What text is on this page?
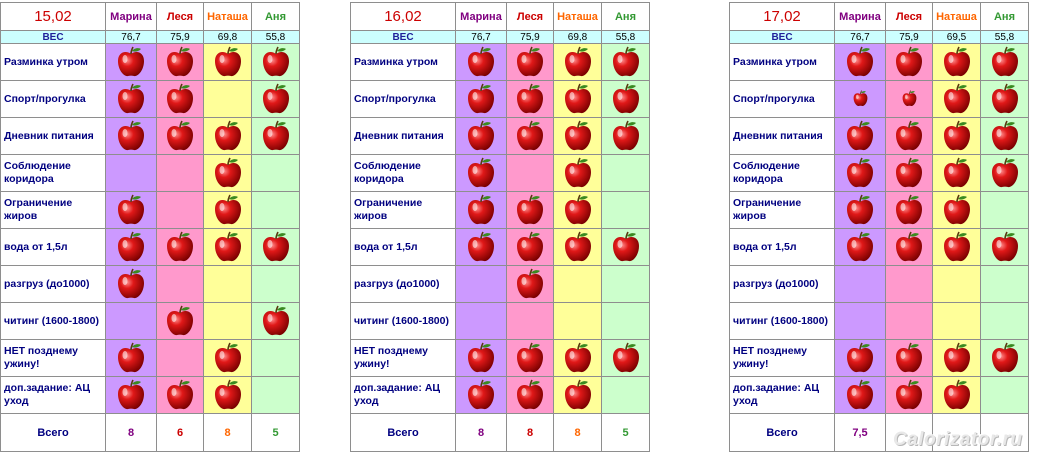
15,02	Марина	Леся	Наташа	Аня
ВЕС	76,7	75,9	69,8	55,8
Разминка утром				
Спорт/прогулка				
Дневник питания				
Соблюдение коридора				
Ограничение жиров				
вода от 1,5л				
разгруз (до1000)				
читинг (1600-1800)				
НЕТ позднему ужину!				
доп.задание: АЦ уход				
Всего	8	6	8	5
16,02	Марина	Леся	Наташа	Аня
ВЕС	76,7	75,9	69,8	55,8
Разминка утром				
Спорт/прогулка				
Дневник питания				
Соблюдение коридора				
Ограничение жиров				
вода от 1,5л				
разгруз (до1000)				
читинг (1600-1800)				
НЕТ позднему ужину!				
доп.задание: АЦ уход				
Всего	8	8	8	5
17,02	Марина	Леся	Наташа	Аня
ВЕС	76,7	75,9	69,5	55,8
Разминка утром				
Спорт/прогулка				
Дневник питания				
Соблюдение коридора				
Ограничение жиров				
вода от 1,5л				
разгруз (до1000)				
читинг (1600-1800)				
НЕТ позднему ужину!				
доп.задание: АЦ уход				
Всего	7,5			Calorizator.ru
